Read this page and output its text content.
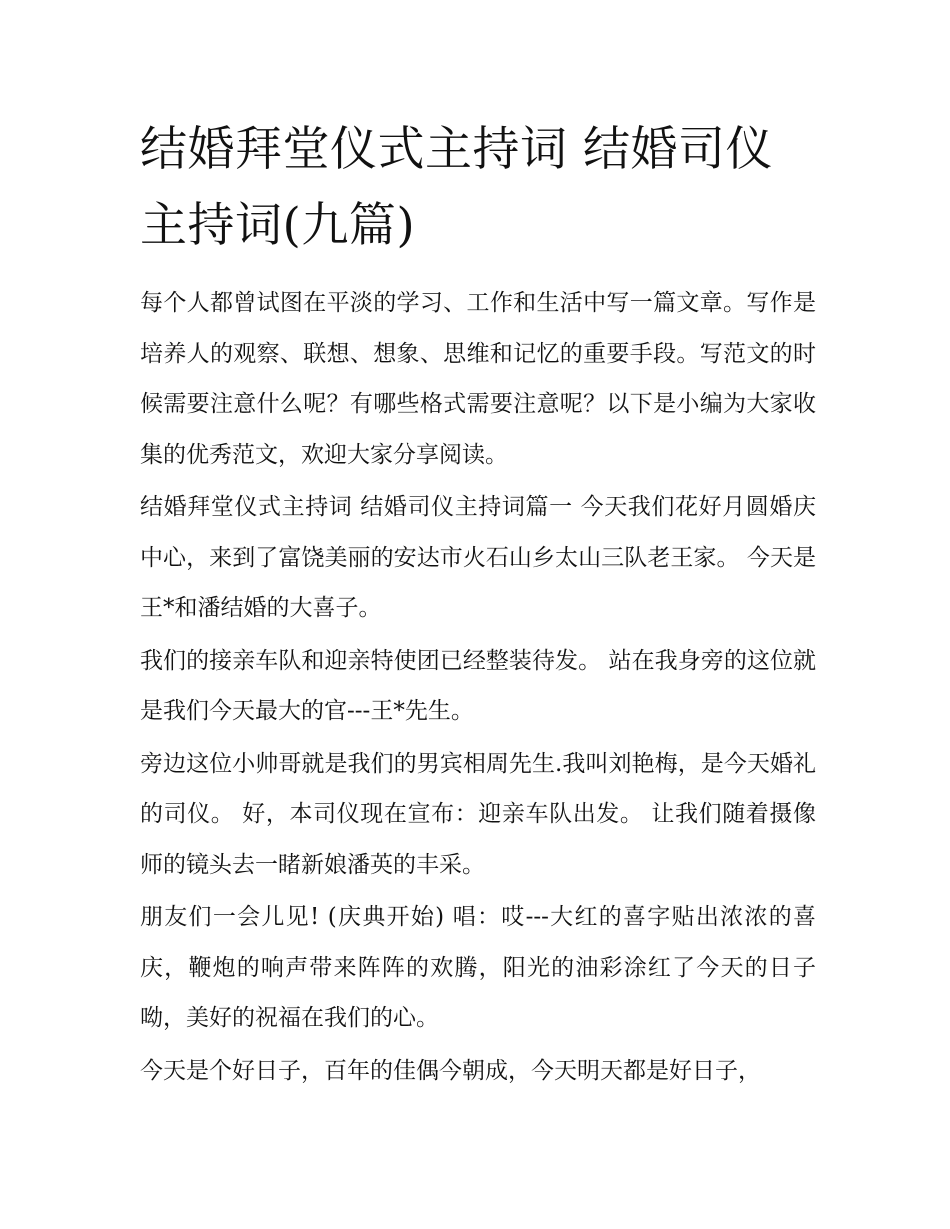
结婚拜堂仪式主持词 结婚司仪主持词(九篇)

每个人都曾试图在平淡的学习、工作和生活中写一篇文章。写作是培养人的观察、联想、想象、思维和记忆的重要手段。写范文的时候需要注意什么呢？有哪些格式需要注意呢？以下是小编为大家收集的优秀范文，欢迎大家分享阅读。

结婚拜堂仪式主持词 结婚司仪主持词篇一 今天我们花好月圆婚庆中心，来到了富饶美丽的安达市火石山乡太山三队老王家。 今天是王*和潘结婚的大喜子。

我们的接亲车队和迎亲特使团已经整装待发。 站在我身旁的这位就是我们今天最大的官---王*先生。

旁边这位小帅哥就是我们的男宾相周先生.我叫刘艳梅，是今天婚礼的司仪。 好，本司仪现在宣布：迎亲车队出发。 让我们随着摄像师的镜头去一睹新娘潘英的丰采。

朋友们一会儿见! (庆典开始) 唱：哎---大红的喜字贴出浓浓的喜庆，鞭炮的响声带来阵阵的欢腾，阳光的油彩涂红了今天的日子呦，美好的祝福在我们的心。

今天是个好日子，百年的佳偶今朝成，今天明天都是好日子，
